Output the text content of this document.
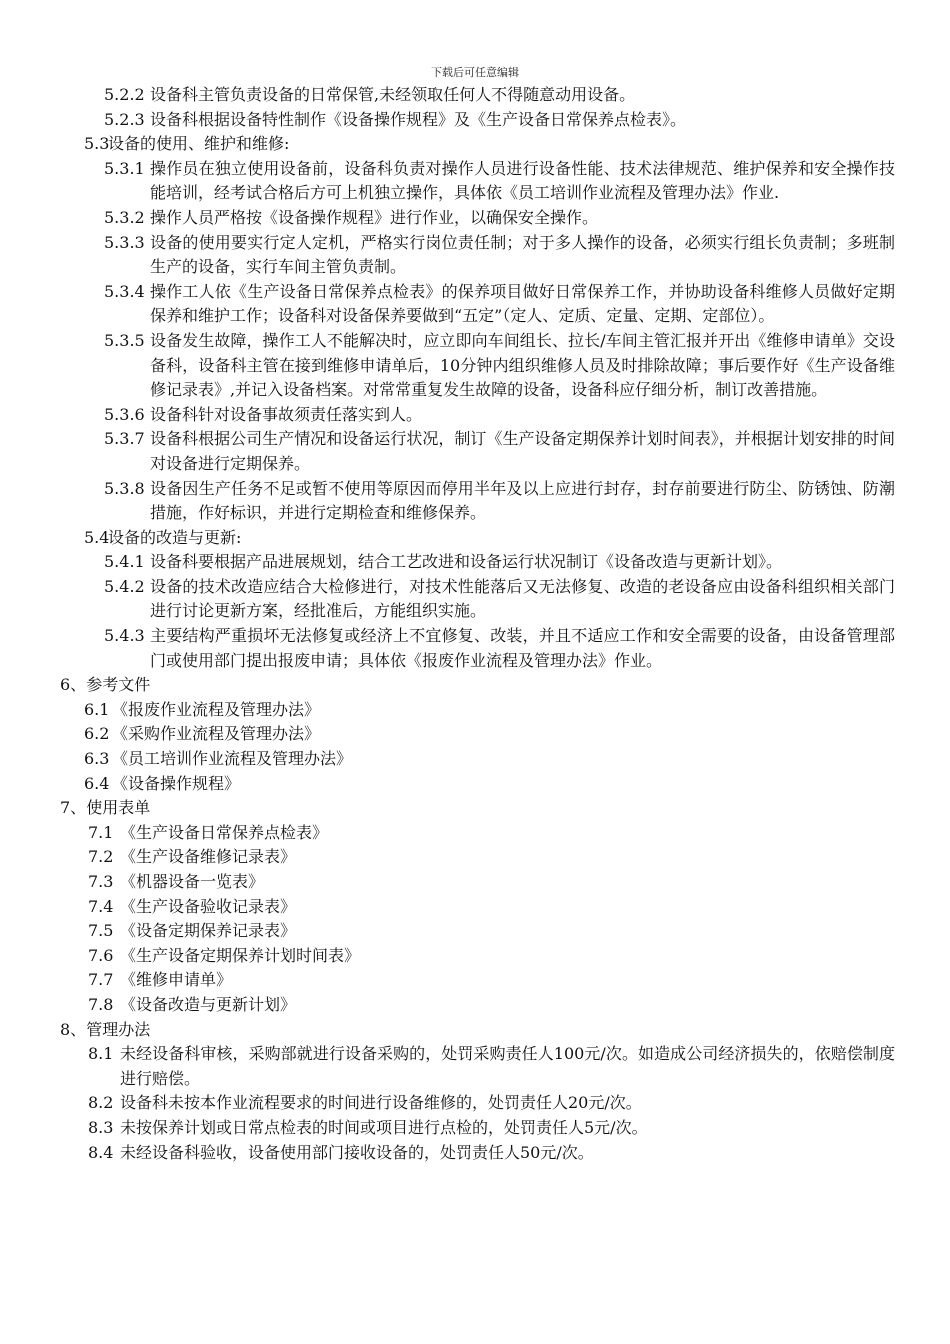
下载后可任意编辑
5.2.2 设备科主管负责设备的日常保管,未经领取任何人不得随意动用设备。
5.2.3 设备科根据设备特性制作《设备操作规程》及《生产设备日常保养点检表》。
5.3
设备的使用、维护和维修:
5.3.1 操作员在独立使用设备前，设备科负责对操作人员进行设备性能、技术法律规范、维护保养和安全操作技能培训，经考试合格后方可上机独立操作，具体依《员工培训作业流程及管理办法》作业.
5.3.2 操作人员严格按《设备操作规程》进行作业，以确保安全操作。
5.3.3 设备的使用要实行定人定机，严格实行岗位责任制；对于多人操作的设备，必须实行组长负责制；多班制生产的设备，实行车间主管负责制。
5.3.4 操作工人依《生产设备日常保养点检表》的保养项目做好日常保养工作，并协助设备科维修人员做好定期保养和维护工作；设备科对设备保养要做到“五定”（定人、定质、定量、定期、定部位）。
5.3.5 设备发生故障，操作工人不能解决时，应立即向车间组长、拉长/车间主管汇报并开出《维修申请单》交设备科，设备科主管在接到维修申请单后，10分钟内组织维修人员及时排除故障；事后要作好《生产设备维修记录表》,并记入设备档案。对常常重复发生故障的设备，设备科应仔细分析，制订改善措施。
5.3.6 设备科针对设备事故须责任落实到人。
5.3.7 设备科根据公司生产情况和设备运行状况，制订《生产设备定期保养计划时间表》，并根据计划安排的时间对设备进行定期保养。
5.3.8 设备因生产任务不足或暂不使用等原因而停用半年及以上应进行封存，封存前要进行防尘、防锈蚀、防潮措施，作好标识，并进行定期检查和维修保养。
5.4
设备的改造与更新:
5.4.1 设备科要根据产品进展规划，结合工艺改进和设备运行状况制订《设备改造与更新计划》。
5.4.2 设备的技术改造应结合大检修进行，对技术性能落后又无法修复、改造的老设备应由设备科组织相关部门进行讨论更新方案，经批准后，方能组织实施。
5.4.3 主要结构严重损坏无法修复或经济上不宜修复、改装，并且不适应工作和安全需要的设备，由设备管理部门或使用部门提出报废申请；具体依《报废作业流程及管理办法》作业。
6、参考文件
6.1 《报废作业流程及管理办法》
6.2 《采购作业流程及管理办法》
6.3 《员工培训作业流程及管理办法》
6.4 《设备操作规程》
7、使用表单
7.1 《生产设备日常保养点检表》
7.2 《生产设备维修记录表》
7.3 《机器设备一览表》
7.4 《生产设备验收记录表》
7.5 《设备定期保养记录表》
7.6 《生产设备定期保养计划时间表》
7.7 《维修申请单》
7.8 《设备改造与更新计划》
8、管理办法
8.1 未经设备科审核，采购部就进行设备采购的，处罚采购责任人100元/次。如造成公司经济损失的，依赔偿制度进行赔偿。
8.2 设备科未按本作业流程要求的时间进行设备维修的，处罚责任人20元/次。
8.3 未按保养计划或日常点检表的时间或项目进行点检的，处罚责任人5元/次。
8.4 未经设备科验收，设备使用部门接收设备的，处罚责任人50元/次。
